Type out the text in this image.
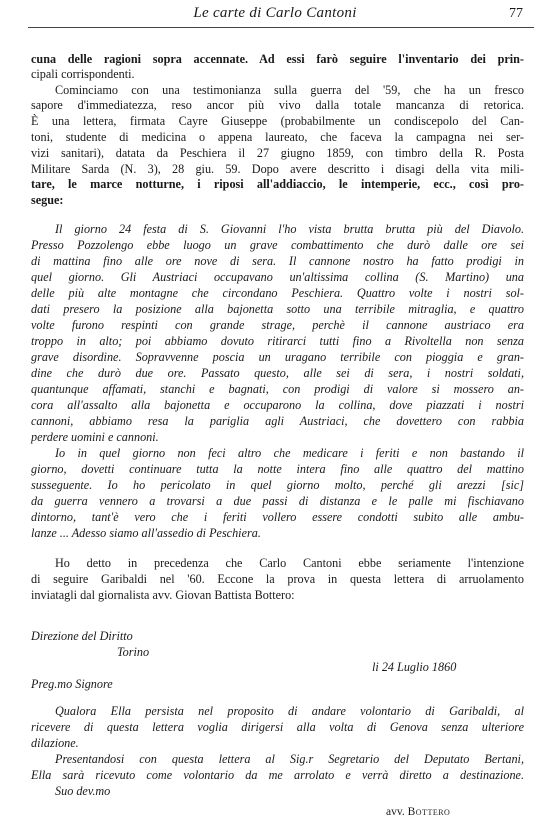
Le carte di Carlo Cantoni	77
cuna delle ragioni sopra accennate. Ad essi farò seguire l'inventario dei prin-
cipali corrispondenti.
Cominciamo con una testimonianza sulla guerra del '59, che ha un fresco
sapore d'immediatezza, reso ancor più vivo dalla totale mancanza di retorica.
È una lettera, firmata Cayre Giuseppe (probabilmente un condiscepolo del Can-
toni, studente di medicina o appena laureato, che faceva la campagna nei ser-
vizi sanitari), datata da Peschiera il 27 giugno 1859, con timbro della R. Posta
Militare Sarda (N. 3), 28 giu. 59. Dopo avere descritto i disagi della vita mili-
tare, le marce notturne, i riposi all'addiaccio, le intemperie, ecc., così pro-
segue:
Il giorno 24 festa di S. Giovanni l'ho vista brutta brutta più del Diavolo.
Presso Pozzolengo ebbe luogo un grave combattimento che durò dalle ore sei
di mattina fino alle ore nove di sera. Il cannone nostro ha fatto prodigi in
quel giorno. Gli Austriaci occupavano un'altissima collina (S. Martino) una
delle più alte montagne che circondano Peschiera. Quattro volte i nostri sol-
dati presero la posizione alla bajonetta sotto una terribile mitraglia, e quattro
volte furono respinti con grande strage, perchè il cannone austriaco era
troppo in alto; poi abbiamo dovuto ritirarci tutti fino a Rivoltella non senza
grave disordine. Sopravvenne poscia un uragano terribile con pioggia e gran-
dine che durò due ore. Passato questo, alle sei di sera, i nostri soldati,
quantunque affamati, stanchi e bagnati, con prodigi di valore si mossero an-
cora all'assalto alla bajonetta e occuparono la collina, dove piazzati i nostri
cannoni, abbiamo resa la pariglia agli Austriaci, che dovettero con rabbia
perdere uomini e cannoni.
Io in quel giorno non feci altro che medicare i feriti e non bastando il
giorno, dovetti continuare tutta la notte intera fino alle quattro del mattino
susseguente. Io ho pericolato in quel giorno molto, perché gli arezzi [sic]
da guerra vennero a trovarsi a due passi di distanza e le palle mi fischiavano
dintorno, tant'è vero che i feriti vollero essere condotti subito alle ambu-
lanze ... Adesso siamo all'assedio di Peschiera.
Ho detto in precedenza che Carlo Cantoni ebbe seriamente l'intenzione
di seguire Garibaldi nel '60. Eccone la prova in questa lettera di arruolamento
inviatagli dal giornalista avv. Giovan Battista Bottero:
Direzione del Diritto
Torino
li 24 Luglio 1860
Preg.mo Signore
Qualora Ella persista nel proposito di andare volontario di Garibaldi, al
ricevere di questa lettera voglia dirigersi alla volta di Genova senza ulteriore
dilazione.
Presentandosi con questa lettera al Sig.r Segretario del Deputato Bertani,
Ella sarà ricevuto come volontario da me arrolato e verrà diretto a destinazione.
Suo dev.mo
avv. Bottero
